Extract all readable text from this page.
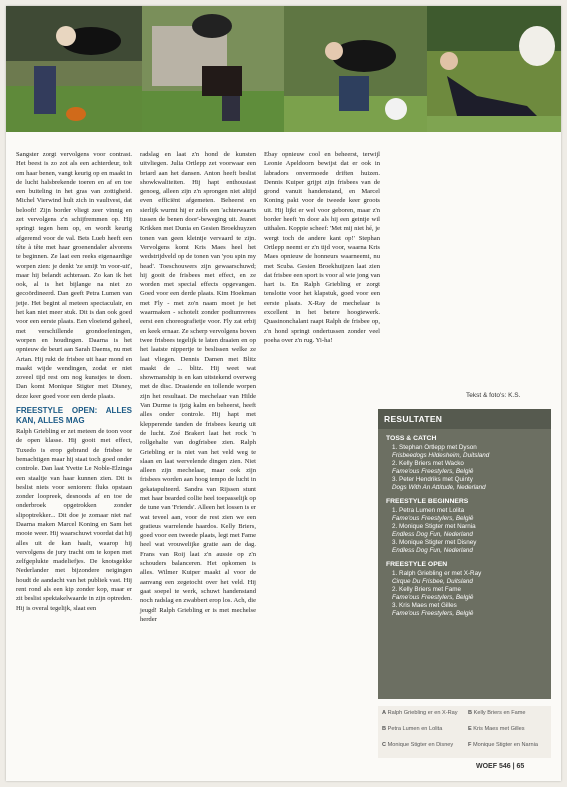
Sangster zorgt vervolgens voor contrast. Het beest is zo zot als een achterdeur, tolt om haar benen, vangt keurig op en maakt in de lucht halsbrekende toeren en af en toe een buiteling in het gras van zottigheid. Michel Vierwind hult zich in vaultvest, dat belooft! Zijn border vliegt zeer vinnig en zet vervolgens z'n schijfremmen op. Hij springt tegen hem op, en wordt keurig afgeremd voor de val. Bets Lueb heeft een tête à tête met haar groenendaler alvorens te beginnen. Ze laat een reeks eigenaardige worpen zien: je denkt 'ze smijt 'm voor-uit', maar hij belandt achteraan. Zo kan ik het ook, al is het bijlange na niet zo gecoördineerd. Dan geeft Petra Lumen van jetje. Het begint al meteen spectaculair, en het kan niet meer stuk. Dit is dan ook goed voor een eerste plaats. Een vloeiend geheel, met verschillende grondoefeningen, worpen en houdingen. Daarna is het opnieuw de beurt aan Sarah Daems, nu met Artan. Hij rukt de frisbee uit haar mond en maakt wijde wendingen, zodat er niet zoveel tijd rest om nog kunstjes te doen. Dan komt Monique Stigter met Disney, deze keer goed voor een derde plaats.

FREESTYLE OPEN: ALLES KAN, ALLES MAG

Ralph Griebling er zet meteen de toon voor de open klasse. Hij gooit met effect, Tuxedo is erop gebrand de frisbee te bemachtigen maar hij staat toch goed onder controle. Dan laat Yvette Le Noble-Elzinga een staaltje van haar kunnen zien. Dit is beslist niets voor senioren: fluks opstaan zonder loopreek, desnoods af en toe de onderbroek opgetrokken zonder slipoptrekker... Dit doe je zomaar niet na! Daarna maken Marcel Koning en Sam het mooie weer. Hij waarschuwt voordat dat hij alles uit de kan haalt, waarop hij vervolgens de jury tracht om te kopen met zelfgeplukte madeliefjes. De knotsgekke Nederlander met bijzondere neigingen houdt de aandacht van het publiek vast. Hij rent rond als een kip zonder kop, maar er zit beslist spektakelwaarde in zijn optreden. Hij is overal tegelijk, slaat een

radslag en laat z'n hond de kunsten uitvliegen. Julia Ortlepp zet voorwaar een briard aan het dansen. Anton heeft beslist showkwaliteiten. Hij hapt enthousiast genoeg, alleen zijn z'n sprongen niet altijd even efficiënt afgemeten. Beheerst en sierlijk wurmt hij er zelfs een 'achterwaarts tussen de benen door'-beweging uit. Jeanet Krikken met Dunia en Gesien Broekhuyzen tonen van geen kleintje vervaard te zijn. Vervolgens komt Kris Maes heel het wedstrijdveld op de tonen van 'you spin my head'. Toeschouwers zijn gewaarschuwd; hij gooit de frisbees met effect, en ze worden met special effects opgevangen. Goed voor een derde plaats. Kim Hoekman met Fly - met zo'n naam moet je het waarmaken - schotelt zonder podiumvrees eerst een choreografietje voor. Fly zat erbij en keek ernaar. Ze scherp vervolgens boven twee frisbees tegelijk te laten draaien en op het laatste nippertje te beslissen welke ze laat vliegen. Dennis Damen met Blitz maakt de ... blitz. Hij weet wat showmanship is en kan uitstekend overweg met de disc. Draaiende en tollende worpen zijn het resultaat. De mechelaar van Hilde Van Durme is ijzig kalm en beheerst, heeft alles onder controle. Hij hapt met klepperende tanden de frisbees keurig uit de lucht. Zoé Brakert laat het rock 'n rollgehalte van dogfrisbee zien. Ralph Griebling er is niet van het veld weg te slaan en laat wervelende dingen zien. Niet alleen zijn mechelaar, maar ook zijn frisbees worden aan hoog tempo de lucht in gekatapulteerd. Sandra van Rijssen stunt met haar bearded collie heel toepasselijk op de tune van 'Friends'. Alleen het lossen is er wat teveel aan, voor de rest zien we een gratieus warrelende haardos. Kelly Briers, goed voor een tweede plaats, legt met Fame heel wat vrouwelijke gratie aan de dag. Frans van Roij laat z'n aussie op z'n schouders balanceren. Het opkomen is alles. Wilmer Kuiper maakt al voor de aanvang een zegetocht over het veld. Hij gaat soepel te werk, schuwt handenstand noch radslag en zwabbert erop los. Ach, die jeugd! Ralph Griebling er is met mechelse herder

Ebay opnieuw cool en beheerst, terwijl Leonie Apeldoorn bewijst dat er ook in labradors onvermoede driften huizen. Dennis Kuiper grijpt zijn frisbees van de grond vanuit handenstand, en Marcel Koning pakt voor de tweede keer groots uit. Hij lijkt er wel voor geboren, maar z'n border heeft 'm door als hij een geintje wil uithalen. Koppie scheef: 'Met mij niet hé, je wergt toch de andere kant op!' Stephan Ortlepp neemt er z'n tijd voor, waarna Kris Maes opnieuw de honneurs waarneemt, nu met Scuba. Gesien Broekhuijzen laat zien dat frisbee een sport is voor al wie jong van hart is. En Ralph Griebling er zorgt tenslotte voor het klapstuk, goed voor een eerste plaats. X-Ray de mechelaar is excellent in het betere hoogtewerk. Quasinonchalant raapt Ralph de frisbee op, z'n hond springt ondertussen zonder veel poeha over z'n rug. Yi-ha!

Tekst & foto's: K.S.
RESULTATEN
TOSS & CATCH
1. Stephan Ortlepp met Dyson
Frisbeedogs Hildesheim, Duitsland
2. Kelly Briers met Wacko
Fame'ous Freestylers, België
3. Peter Hendriks met Quinty
Dogs With An Attitude, Nederland
FREESTYLE BEGINNERS
1. Petra Lumen met Lolita
Fame'ous Freestylers, België
2. Monique Stigter met Narnia
Endless Dog Fun, Nederland
3. Monique Stigter met Disney
Endless Dog Fun, Nederland
FREESTYLE OPEN
1. Ralph Griebling er met X-Ray
Cirque Du Frisbee, Duitsland
2. Kelly Briers met Fame
Fame'ous Freestylers, België
3. Kris Maes met Gilles
Fame'ous Freestylers, België
A Ralph Griebling er en X-Ray	B Kelly Briers en Fame
B Petra Lumen en Lolita	E Kris Maes met Gilles
C Monique Stigter en Disney	F Monique Stigter en Narnia
WOEF 546 | 65
